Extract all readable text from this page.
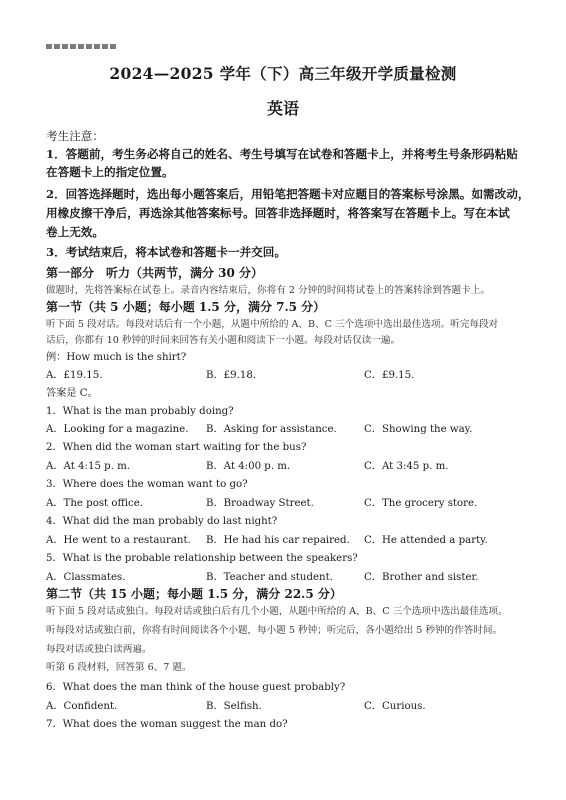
2024—2025 学年（下）高三年级开学质量检测
英语
考生注意：
1．答题前，考生务必将自己的姓名、考生号填写在试卷和答题卡上，并将考生号条形码粘贴
在答题卡上的指定位置。
2．回答选择题时，选出每小题答案后，用铅笔把答题卡对应题目的答案标号涂黑。如需改动，
用橡皮擦干净后，再选涂其他答案标号。回答非选择题时，将答案写在答题卡上。写在本试
卷上无效。
3．考试结束后，将本试卷和答题卡一并交回。
第一部分　听力（共两节，满分 30 分）
做题时，先将答案标在试卷上。录音内容结束后，你将有 2 分钟的时间将试卷上的答案转涂到答题卡上。
第一节（共 5 小题；每小题 1.5 分，满分 7.5 分）
听下面 5 段对话。每段对话后有一个小题，从题中所给的 A、B、C 三个选项中选出最佳选项。听完每段对
话后，你都有 10 秒钟的时间来回答有关小题和阅读下一小题。每段对话仅读一遍。
例：How much is the shirt?
A．£19.15.	B．£9.18.	C．£9.15.
答案是 C。
1．What is the man probably doing?
A．Looking for a magazine. B．Asking for assistance.	C．Showing the way.
2．When did the woman start waiting for the bus?
A．At 4:15 p. m.	B．At 4:00 p. m.	C．At 3:45 p. m.
3．Where does the woman want to go?
A．The post office.	B．Broadway Street.	C．The grocery store.
4．What did the man probably do last night?
A．He went to a restaurant. B．He had his car repaired. C．He attended a party.
5．What is the probable relationship between the speakers?
A．Classmates.	B．Teacher and student.	C．Brother and sister.
第二节（共 15 小题；每小题 1.5 分，满分 22.5 分）
听下面 5 段对话或独白。每段对话或独白后有几个小题，从题中所给的 A、B、C 三个选项中选出最佳选项。
听每段对话或独白前，你将有时间阅读各个小题，每小题 5 秒钟；听完后，各小题给出 5 秒钟的作答时间。
每段对话或独白读两遍。
听第 6 段材料，回答第 6、7 题。
6．What does the man think of the house guest probably?
A．Confident.	B．Selfish.	C．Curious.
7．What does the woman suggest the man do?
